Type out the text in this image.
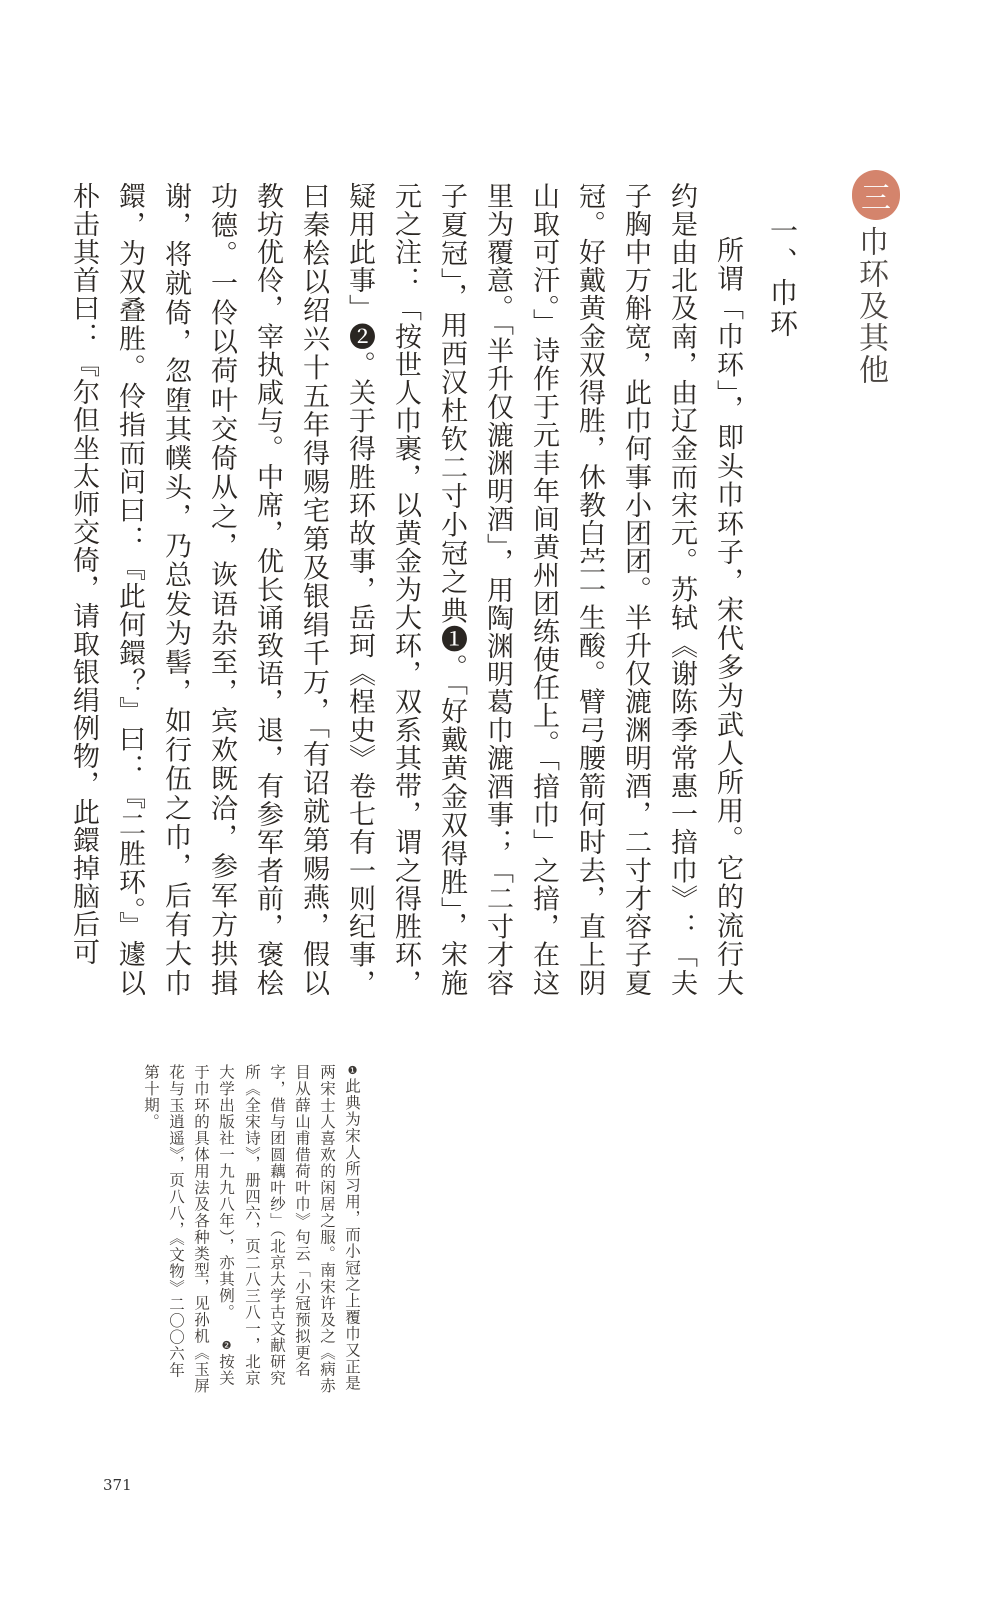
三
巾环及其他
一、巾环

所谓「巾环」，即头巾环子，宋代多为武人所用。它的流行大约是由北及南，由辽金而宋元。苏轼《谢陈季常惠一揞巾》：「夫子胸中万斛宽，此巾何事小团团。半升仅漉渊明酒，二寸才容子夏冠。好戴黄金双得胜，休教白苎一生酸。臂弓腰箭何时去，直上阴山取可汗。」诗作于元丰年间黄州团练使任上。「揞巾」之揞，在这里为覆意。「半升仅漉渊明酒」，用陶渊明葛巾漉酒事；「二寸才容子夏冠」，用西汉杜钦二寸小冠之典❶。「好戴黄金双得胜」，宋施元之注：「按世人巾裹，以黄金为大环，双系其带，谓之得胜环，疑用此事」❷。关于得胜环故事，岳珂《桯史》卷七有一则纪事，曰秦桧以绍兴十五年得赐宅第及银绢千万，「有诏就第赐燕，假以教坊优伶，宰执咸与。中席，优长诵致语，退，有参军者前，褒桧功德。一伶以荷叶交倚从之，诙语杂至，宾欢既洽，参军方拱揖谢，将就倚，忽堕其幞头，乃总发为髻，如行伍之巾，后有大巾鐶，为双叠胜。伶指而问曰：『此何鐶？』曰：『二胜环。』遽以朴击其首曰：『尔但坐太师交倚，请取银绢例物，此鐶掉脑后可

❶此典为宋人所习用，而小冠之上覆巾又正是两宋士人喜欢的闲居之服。南宋许及之《病赤目从薛山甫借荷叶巾》句云「小冠预拟更名字，借与团圆藕叶纱」（北京大学古文献研究所《全宋诗》，册四六，页二八三八一，北京大学出版社一九九八年），亦其例。 ❷按关于巾环的具体用法及各种类型，见孙机《玉屏花与玉逍遥》，页八八，《文物》二〇〇六年第十期。
371
